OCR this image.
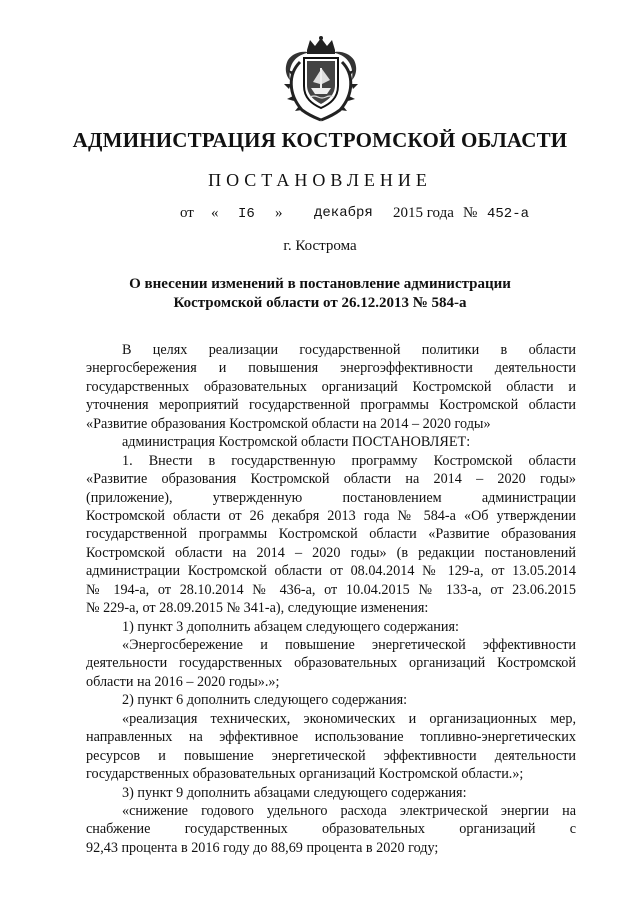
АДМИНИСТРАЦИЯ КОСТРОМСКОЙ ОБЛАСТИ
ПОСТАНОВЛЕНИЕ
от « I6 » декабря 2015 года № 452-а
г. Кострома
О внесении изменений в постановление администрации
Костромской области от 26.12.2013 № 584-а
В целях реализации государственной политики в области
энергосбережения и повышения энергоэффективности деятельности
государственных образовательных организаций Костромской области и
уточнения мероприятий государственной программы Костромской области
«Развитие образования Костромской области на 2014 – 2020 годы»
администрация Костромской области ПОСТАНОВЛЯЕТ:
1. Внести в государственную программу Костромской области
«Развитие образования Костромской области на 2014 – 2020 годы»
(приложение), утвержденную постановлением администрации
Костромской области от 26 декабря 2013 года № 584-а «Об утверждении
государственной программы Костромской области «Развитие образования
Костромской области на 2014 – 2020 годы» (в редакции постановлений
администрации Костромской области от 08.04.2014 № 129-а, от 13.05.2014
№ 194-а, от 28.10.2014 № 436-а, от 10.04.2015 № 133-а, от 23.06.2015
№ 229-а, от 28.09.2015 № 341-а), следующие изменения:
1) пункт 3 дополнить абзацем следующего содержания:
«Энергосбережение и повышение энергетической эффективности
деятельности государственных образовательных организаций Костромской
области на 2016 – 2020 годы».»;
2) пункт 6 дополнить следующего содержания:
«реализация технических, экономических и организационных мер,
направленных на эффективное использование топливно-энергетических
ресурсов и повышение энергетической эффективности деятельности
государственных образовательных организаций Костромской области.»;
3) пункт 9 дополнить абзацами следующего содержания:
«снижение годового удельного расхода электрической энергии на
снабжение государственных образовательных организаций с
92,43 процента в 2016 году до 88,69 процента в 2020 году;
